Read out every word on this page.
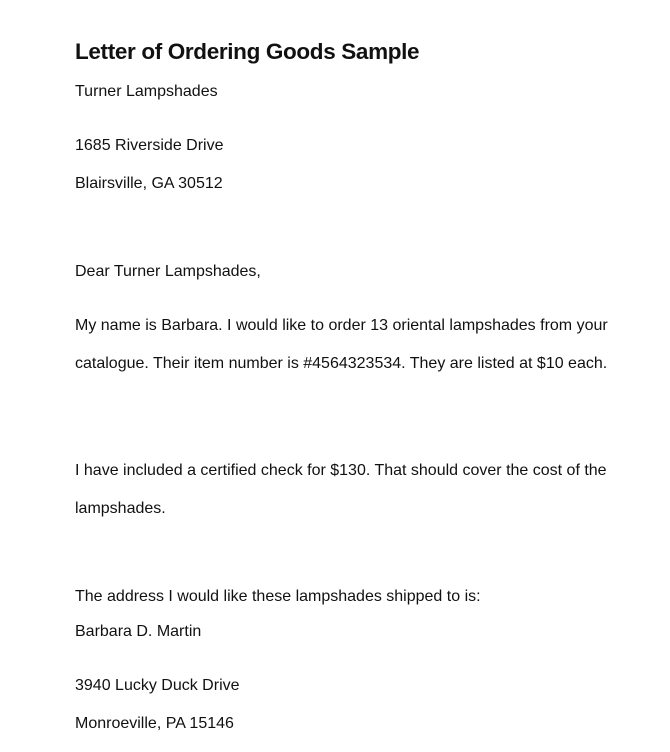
Letter of Ordering Goods Sample
Turner Lampshades

1685 Riverside Drive

Blairsville, GA 30512

Dear Turner Lampshades,

My name is Barbara. I would like to order 13 oriental lampshades from your

catalogue. Their item number is #4564323534. They are listed at $10 each.

I have included a certified check for $130. That should cover the cost of the

lampshades.

The address I would like these lampshades shipped to is:
Barbara D. Martin

3940 Lucky Duck Drive

Monroeville, PA 15146
